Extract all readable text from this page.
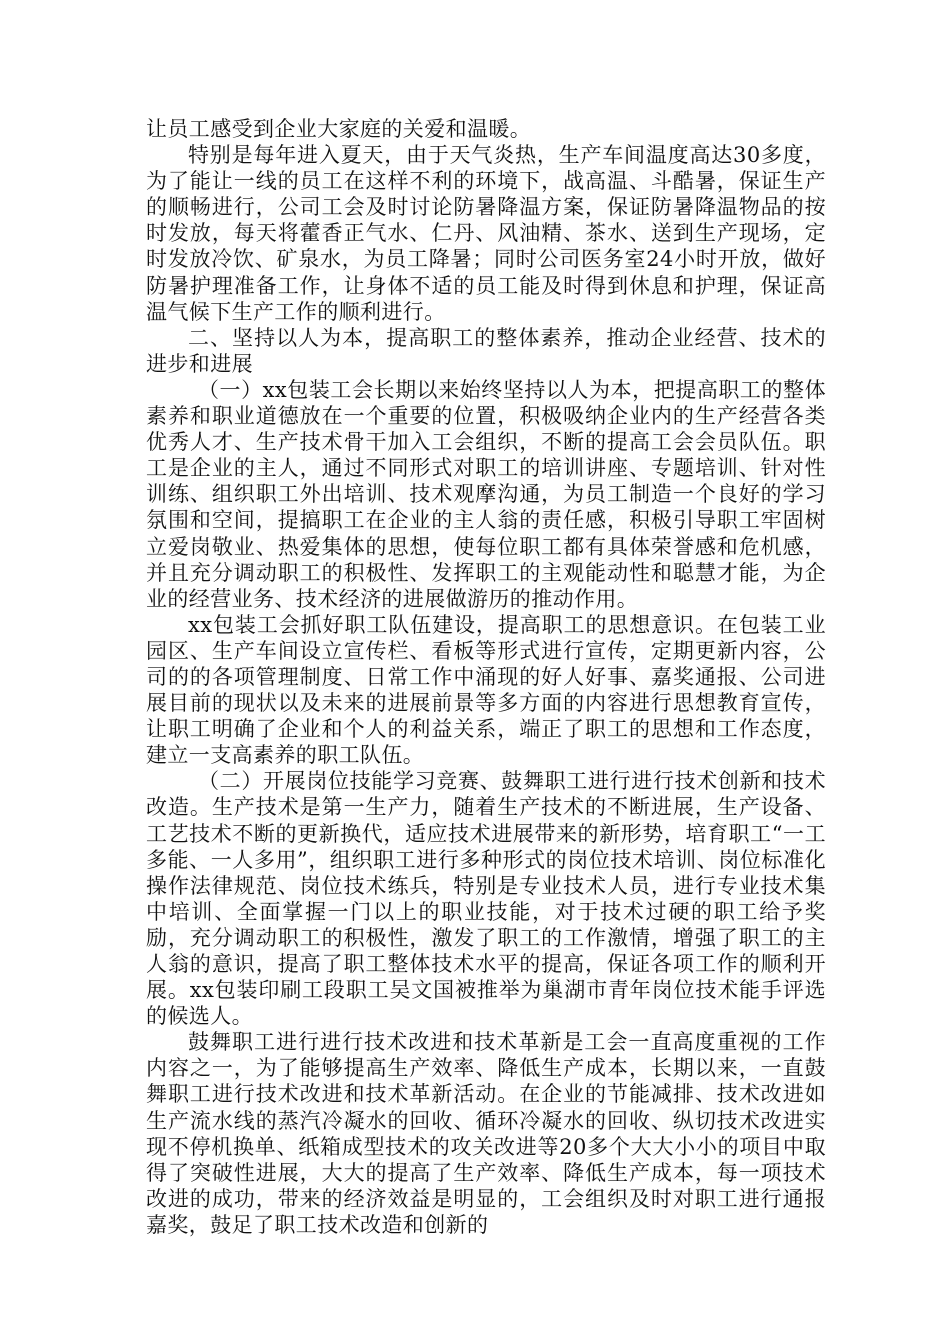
让员工感受到企业大家庭的关爱和温暖。

特别是每年进入夏天，由于天气炎热，生产车间温度高达30多度，为了能让一线的员工在这样不利的环境下，战高温、斗酷暑，保证生产的顺畅进行，公司工会及时讨论防暑降温方案，保证防暑降温物品的按时发放，每天将藿香正气水、仁丹、风油精、茶水、送到生产现场，定时发放冷饮、矿泉水，为员工降暑；同时公司医务室24小时开放，做好防暑护理准备工作，让身体不适的员工能及时得到休息和护理，保证高温气候下生产工作的顺利进行。

二、坚持以人为本，提高职工的整体素养，推动企业经营、技术的进步和进展

（一）xx包装工会长期以来始终坚持以人为本，把提高职工的整体素养和职业道德放在一个重要的位置，积极吸纳企业内的生产经营各类优秀人才、生产技术骨干加入工会组织，不断的提高工会会员队伍。职工是企业的主人，通过不同形式对职工的培训讲座、专题培训、针对性训练、组织职工外出培训、技术观摩沟通，为员工制造一个良好的学习氛围和空间，提搞职工在企业的主人翁的责任感，积极引导职工牢固树立爱岗敬业、热爱集体的思想，使每位职工都有具体荣誉感和危机感，并且充分调动职工的积极性、发挥职工的主观能动性和聪慧才能，为企业的经营业务、技术经济的进展做游历的推动作用。

xx包装工会抓好职工队伍建设，提高职工的思想意识。在包装工业园区、生产车间设立宣传栏、看板等形式进行宣传，定期更新内容，公司的的各项管理制度、日常工作中涌现的好人好事、嘉奖通报、公司进展目前的现状以及未来的进展前景等多方面的内容进行思想教育宣传，让职工明确了企业和个人的利益关系，端正了职工的思想和工作态度，建立一支高素养的职工队伍。

（二）开展岗位技能学习竞赛、鼓舞职工进行进行技术创新和技术改造。生产技术是第一生产力，随着生产技术的不断进展，生产设备、工艺技术不断的更新换代，适应技术进展带来的新形势，培育职工“一工多能、一人多用”，组织职工进行多种形式的岗位技术培训、岗位标准化操作法律规范、岗位技术练兵，特别是专业技术人员，进行专业技术集中培训、全面掌握一门以上的职业技能，对于技术过硬的职工给予奖励，充分调动职工的积极性，激发了职工的工作激情，增强了职工的主人翁的意识，提高了职工整体技术水平的提高，保证各项工作的顺利开展。xx包装印刷工段职工吴文国被推举为巢湖市青年岗位技术能手评选的候选人。

鼓舞职工进行进行技术改进和技术革新是工会一直高度重视的工作内容之一，为了能够提高生产效率、降低生产成本，长期以来，一直鼓舞职工进行技术改进和技术革新活动。在企业的节能减排、技术改进如生产流水线的蒸汽冷凝水的回收、循环冷凝水的回收、纵切技术改进实现不停机换单、纸箱成型技术的攻关改进等20多个大大小小的项目中取得了突破性进展，大大的提高了生产效率、降低生产成本，每一项技术改进的成功，带来的经济效益是明显的，工会组织及时对职工进行通报嘉奖，鼓足了职工技术改造和创新的
